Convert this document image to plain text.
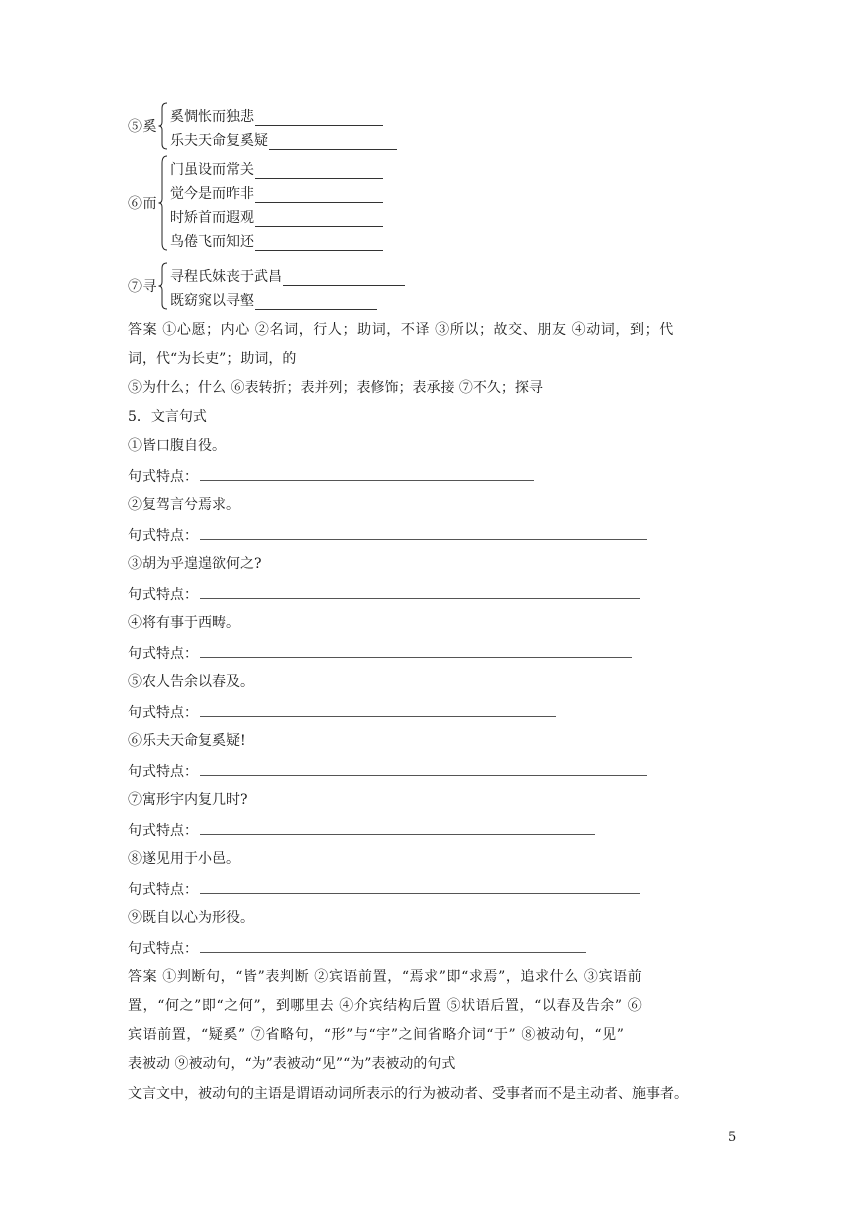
⑤奚
奚惆怅而独悲
乐夫天命复奚疑
⑥而
门虽设而常关
觉今是而昨非
时矫首而遐观
鸟倦飞而知还
⑦寻
寻程氏妹丧于武昌
既窈窕以寻壑
答案 ①心愿；内心 ②名词，行人；助词，不译 ③所以；故交、朋友 ④动词，到；代
词，代“为长吏”；助词，的
⑤为什么；什么 ⑥表转折；表并列；表修饰；表承接 ⑦不久；探寻
5．文言句式
①皆口腹自役。
句式特点：
②复驾言兮焉求。
句式特点：
③胡为乎遑遑欲何之?
句式特点：
④将有事于西畴。
句式特点：
⑤农人告余以春及。
句式特点：
⑥乐夫天命复奚疑!
句式特点：
⑦寓形宇内复几时?
句式特点：
⑧遂见用于小邑。
句式特点：
⑨既自以心为形役。
句式特点：
答案 ①判断句，“皆”表判断 ②宾语前置，“焉求”即“求焉”，追求什么 ③宾语前
置，“何之”即“之何”，到哪里去 ④介宾结构后置 ⑤状语后置，“以春及告余” ⑥
宾语前置，“疑奚” ⑦省略句，“形”与“宇”之间省略介词“于” ⑧被动句，“见”
表被动 ⑨被动句，“为”表被动“见”“为”表被动的句式
文言文中，被动句的主语是谓语动词所表示的行为被动者、受事者而不是主动者、施事者。
5
